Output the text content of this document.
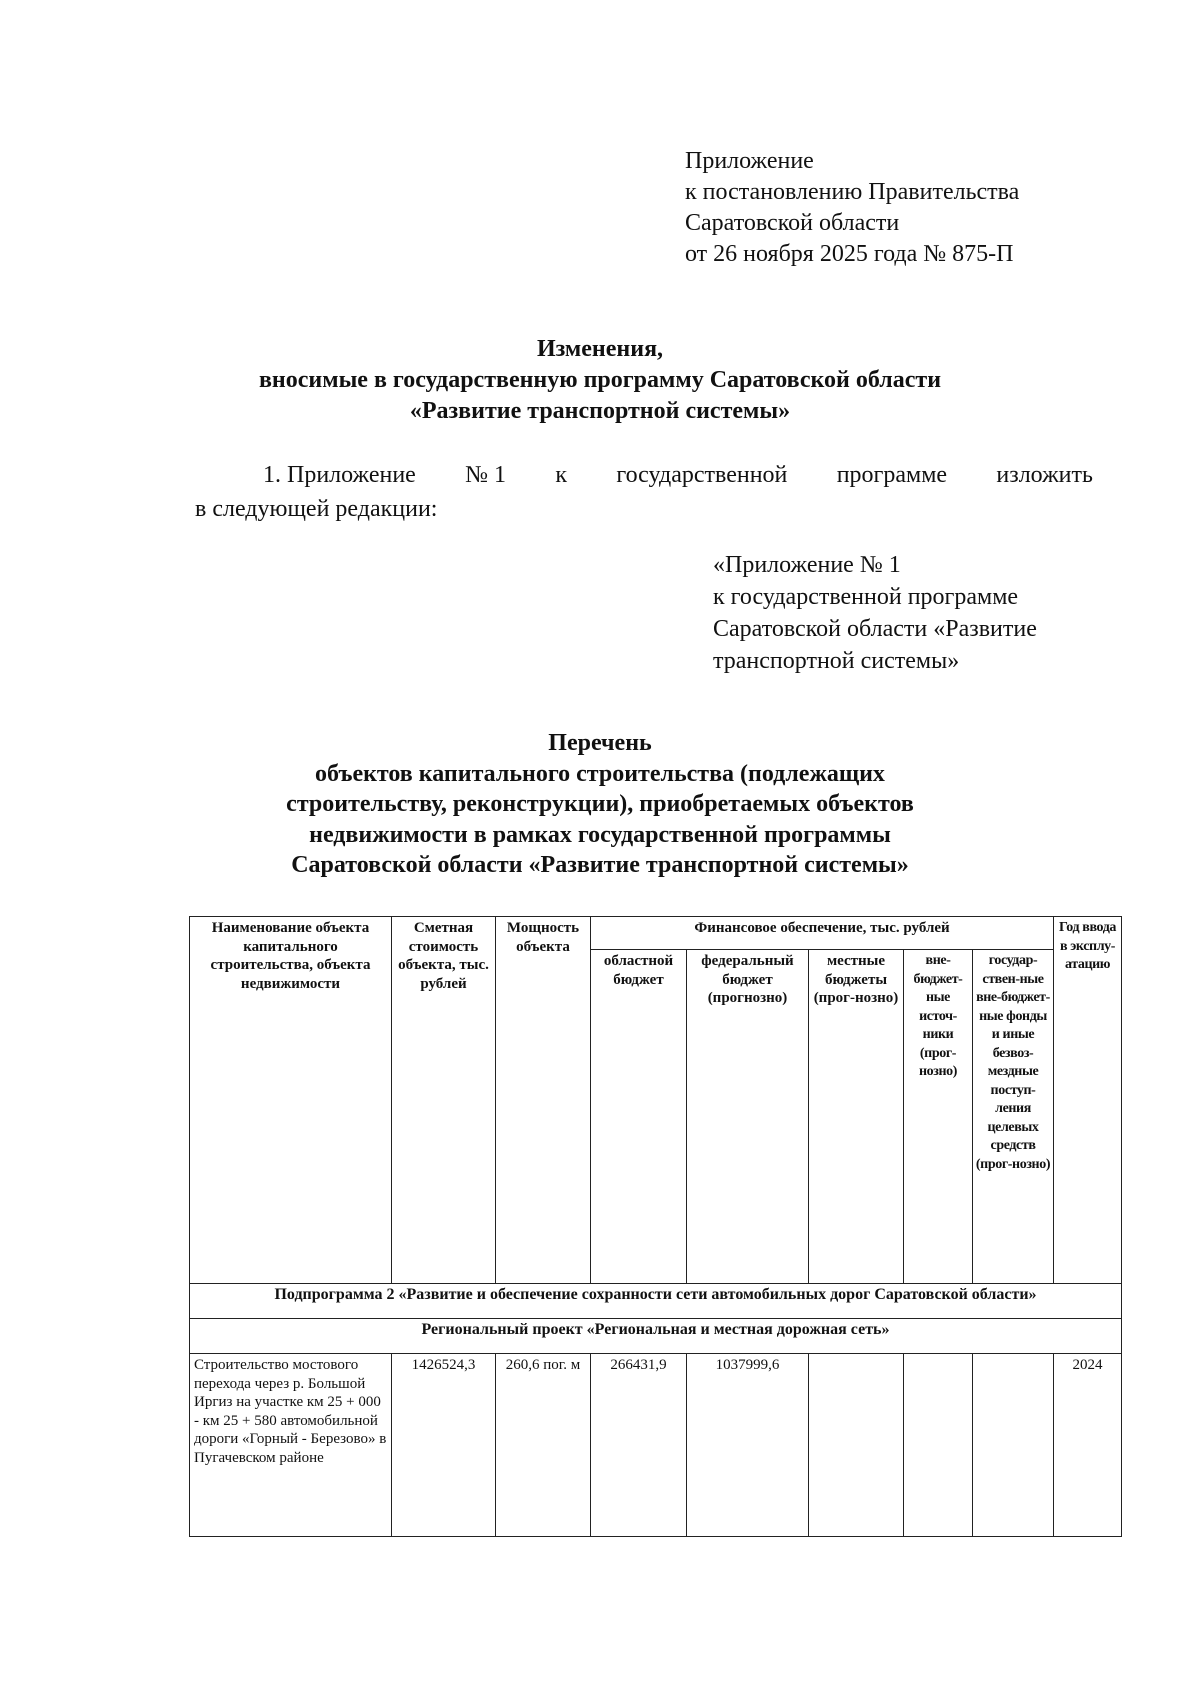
Приложение
к постановлению Правительства
Саратовской области
от 26 ноября 2025 года № 875-П
Изменения,
вносимые в государственную программу Саратовской области
«Развитие транспортной системы»
1. Приложение № 1 к государственной программе изложить
в следующей редакции:
«Приложение № 1
к государственной программе
Саратовской области «Развитие
транспортной системы»
Перечень
объектов капитального строительства (подлежащих
строительству, реконструкции), приобретаемых объектов
недвижимости в рамках государственной программы
Саратовской области «Развитие транспортной системы»
Наименование объекта капитального строительства, объекта недвижимости	Сметная стоимость объекта, тыс. рублей	Мощность объекта	Финансовое обеспечение, тыс. рублей					Год ввода в эксплу-атацию
			областной бюджет	федеральный бюджет (прогнозно)	местные бюджеты (прог-нозно)	вне-бюджет-ные источ-ники (прог-нозно)	государ-ствен-ные вне-бюджет-ные фонды и иные безвоз-мездные поступ-ления целевых средств (прог-нозно)	
Подпрограмма 2 «Развитие и обеспечение сохранности сети автомобильных дорог Саратовской области»								
Региональный проект «Региональная и местная дорожная сеть»								
Строительство мостового перехода через р. Большой Иргиз на участке км 25 + 000 - км 25 + 580 автомобильной дороги «Горный - Березово» в Пугачевском районе	1426524,3	260,6 пог. м	266431,9	1037999,6				2024
